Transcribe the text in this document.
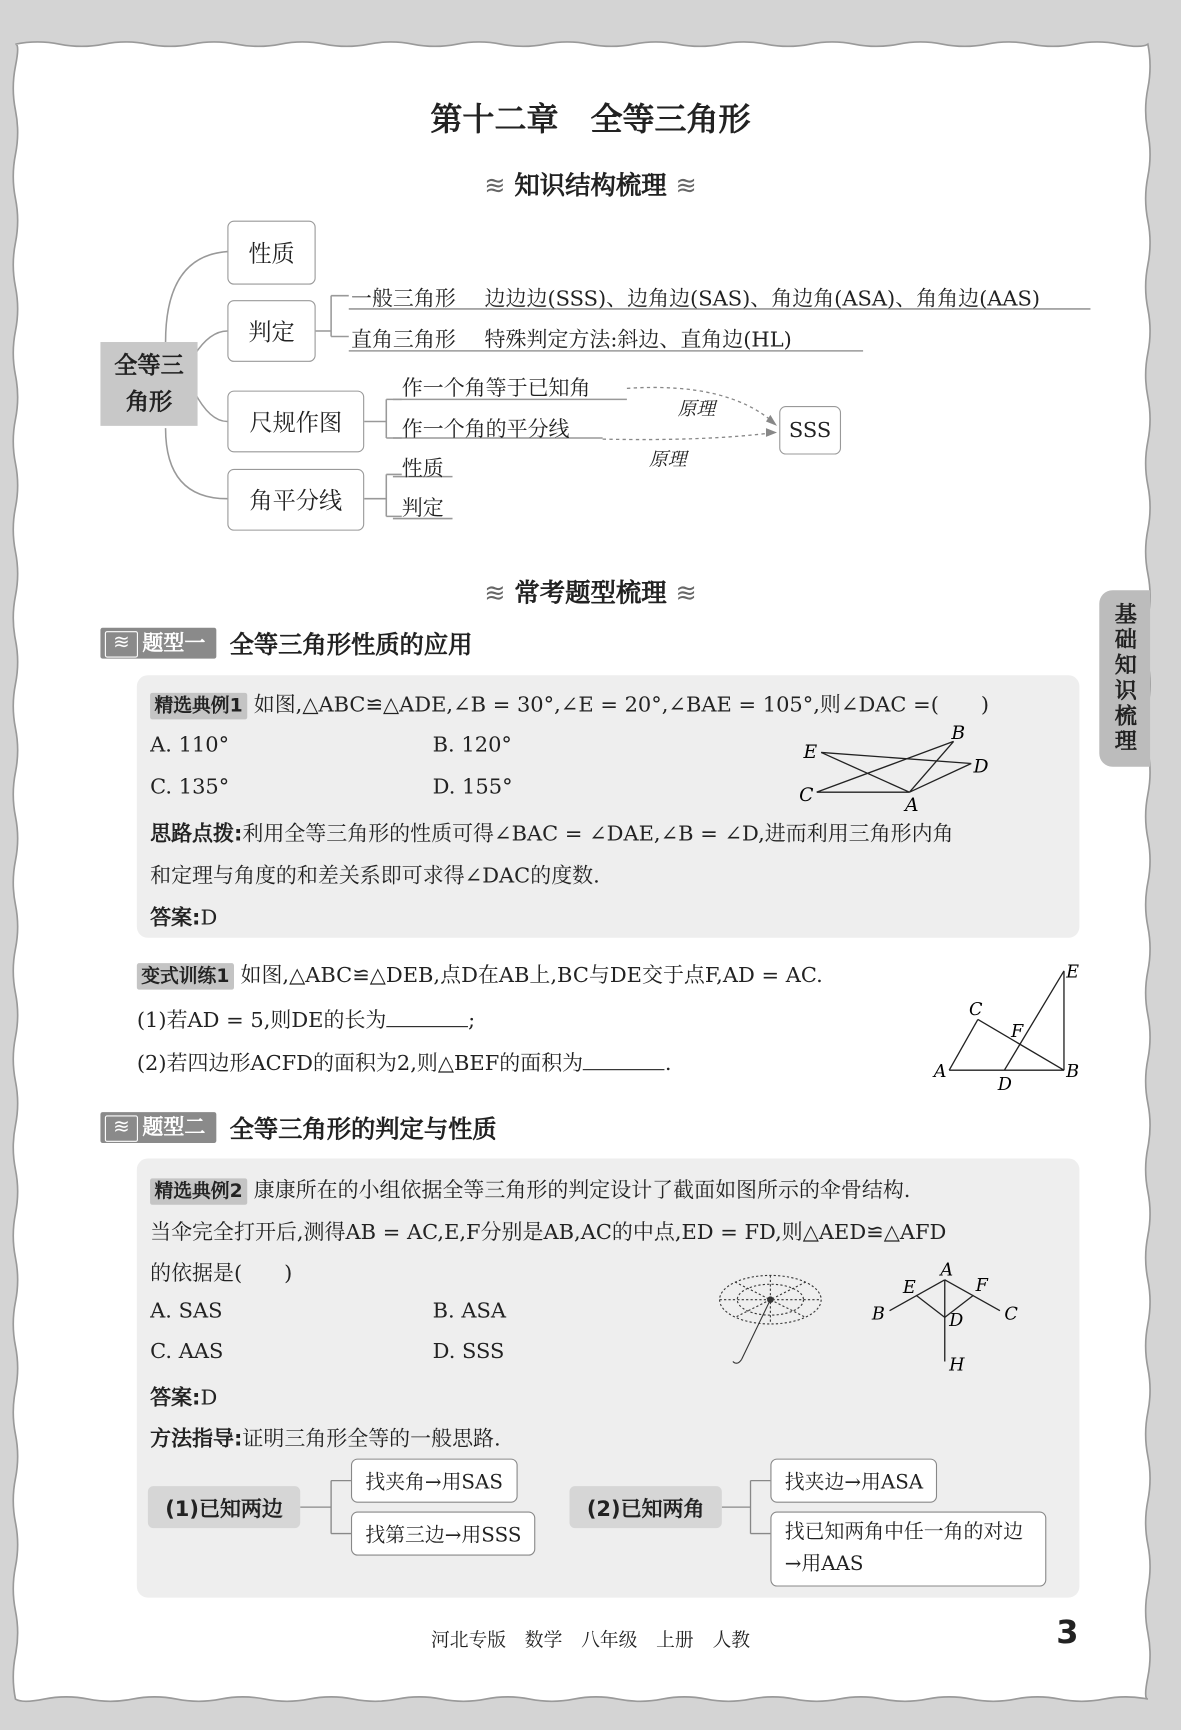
第十二章　全等三角形
≋ 知识结构梳理 ≋
全等三角形
性质
判定
尺规作图
角平分线
一般三角形 边边边(SSS)、边角边(SAS)、角边角(ASA)、角角边(AAS)
直角三角形 特殊判定方法:斜边、直角边(HL)
作一个角等于已知角
作一个角的平分线
原理
原理
SSS
性质
判定
≋ 常考题型梳理 ≋
基础知识梳理
≋ 题型一	全等三角形性质的应用
精选典例1 如图,△ABC≌△ADE,∠B = 30°,∠E = 20°,∠BAE = 105°,则∠DAC =(　　)
A. 110°	B. 120°
C. 135°	D. 155°
E
B
D
C	A
思路点拨:利用全等三角形的性质可得∠BAC = ∠DAE,∠B = ∠D,进而利用三角形内角
和定理与角度的和差关系即可求得∠DAC的度数.
答案:D
变式训练1 如图,△ABC≌△DEB,点D在AB上,BC与DE交于点F,AD = AC.
(1)若AD = 5,则DE的长为	;
(2)若四边形ACFD的面积为2,则△BEF的面积为	.
E
C
F
A
D
B
≋ 题型二	全等三角形的判定与性质
精选典例2 康康所在的小组依据全等三角形的判定设计了截面如图所示的伞骨结构.
当伞完全打开后,测得AB = AC,E,F分别是AB,AC的中点,ED = FD,则△AED≌△AFD
的依据是(　　)
A. SAS	B. ASA
C. AAS	D. SSS
A
E	F
B	D	C
H
答案:D
方法指导:证明三角形全等的一般思路.
(1)已知两边
找夹角→用SAS
找第三边→用SSS
(2)已知两角
找夹边→用ASA
找已知两角中任一角的对边→用AAS
河北专版　数学　八年级　上册　人教	3
